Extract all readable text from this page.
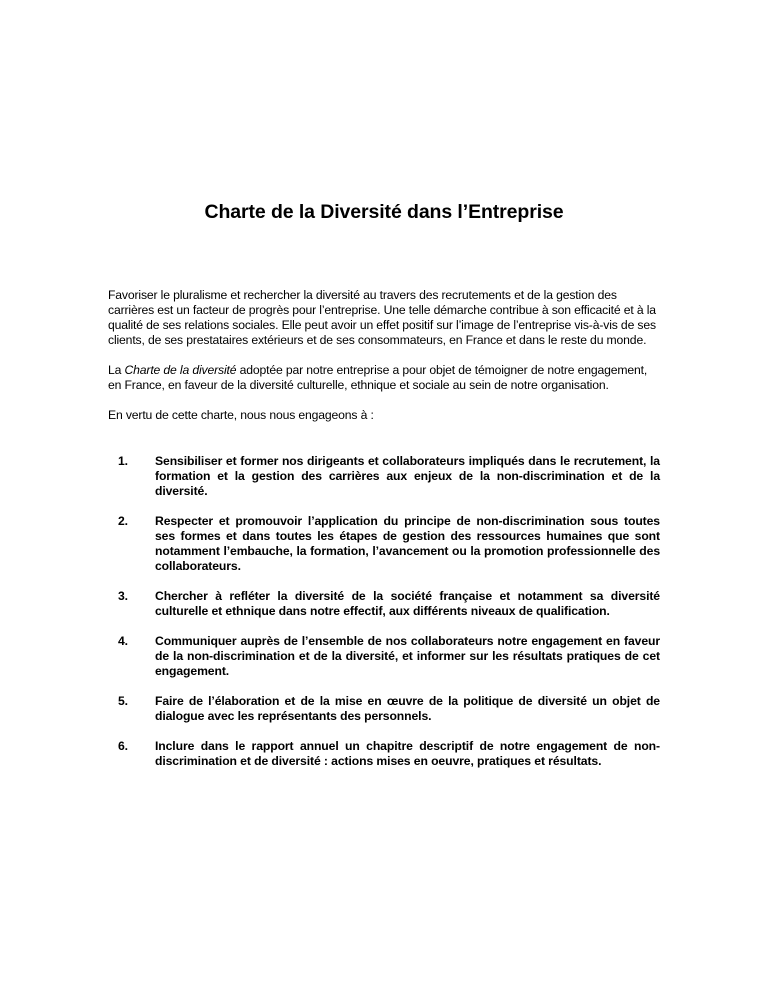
Charte de la Diversité dans l’Entreprise

Favoriser le pluralisme et rechercher la diversité au travers des recrutements et de la gestion des carrières est un facteur de progrès pour l’entreprise. Une telle démarche contribue à son efficacité et à la qualité de ses relations sociales. Elle peut avoir un effet positif sur l’image de l’entreprise vis-à-vis de ses clients, de ses prestataires extérieurs et de ses consommateurs, en France et dans le reste du monde.

La Charte de la diversité adoptée par notre entreprise a pour objet de témoigner de notre engagement, en France, en faveur de la diversité culturelle, ethnique et sociale au sein de notre organisation.

En vertu de cette charte, nous nous engageons à :

1.	Sensibiliser et former nos dirigeants et collaborateurs impliqués dans le recrutement, la formation et la gestion des carrières aux enjeux de la non-discrimination et de la diversité.
2.	Respecter et promouvoir l’application du principe de non-discrimination sous toutes ses formes et dans toutes les étapes de gestion des ressources humaines que sont notamment l’embauche, la formation, l’avancement ou la promotion professionnelle des collaborateurs.
3.	Chercher à refléter la diversité de la société française et notamment sa diversité culturelle et ethnique dans notre effectif, aux différents niveaux de qualification.
4.	Communiquer auprès de l’ensemble de nos collaborateurs notre engagement en faveur de la non-discrimination et de la diversité, et informer sur les résultats pratiques de cet engagement.
5.	Faire de l’élaboration et de la mise en œuvre de la politique de diversité un objet de dialogue avec les représentants des personnels.
6.	Inclure dans le rapport annuel un chapitre descriptif de notre engagement de non-discrimination et de diversité : actions mises en oeuvre, pratiques et résultats.
